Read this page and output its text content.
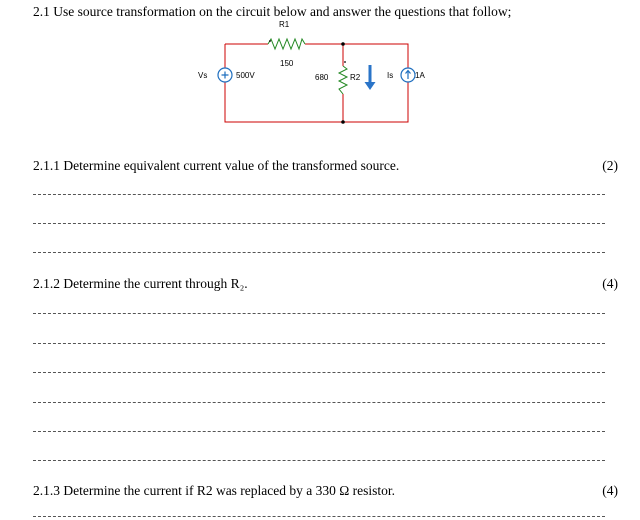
2.1 Use source transformation on the circuit below and answer the questions that follow;
R1
150
Vs	500V	680	R2	Is	1A
2.1.1 Determine equivalent current value of the transformed source.	(2)
2.1.2 Determine the current through R₂.	(4)
2.1.3 Determine the current if R2 was replaced by a 330 Ω resistor.	(4)
